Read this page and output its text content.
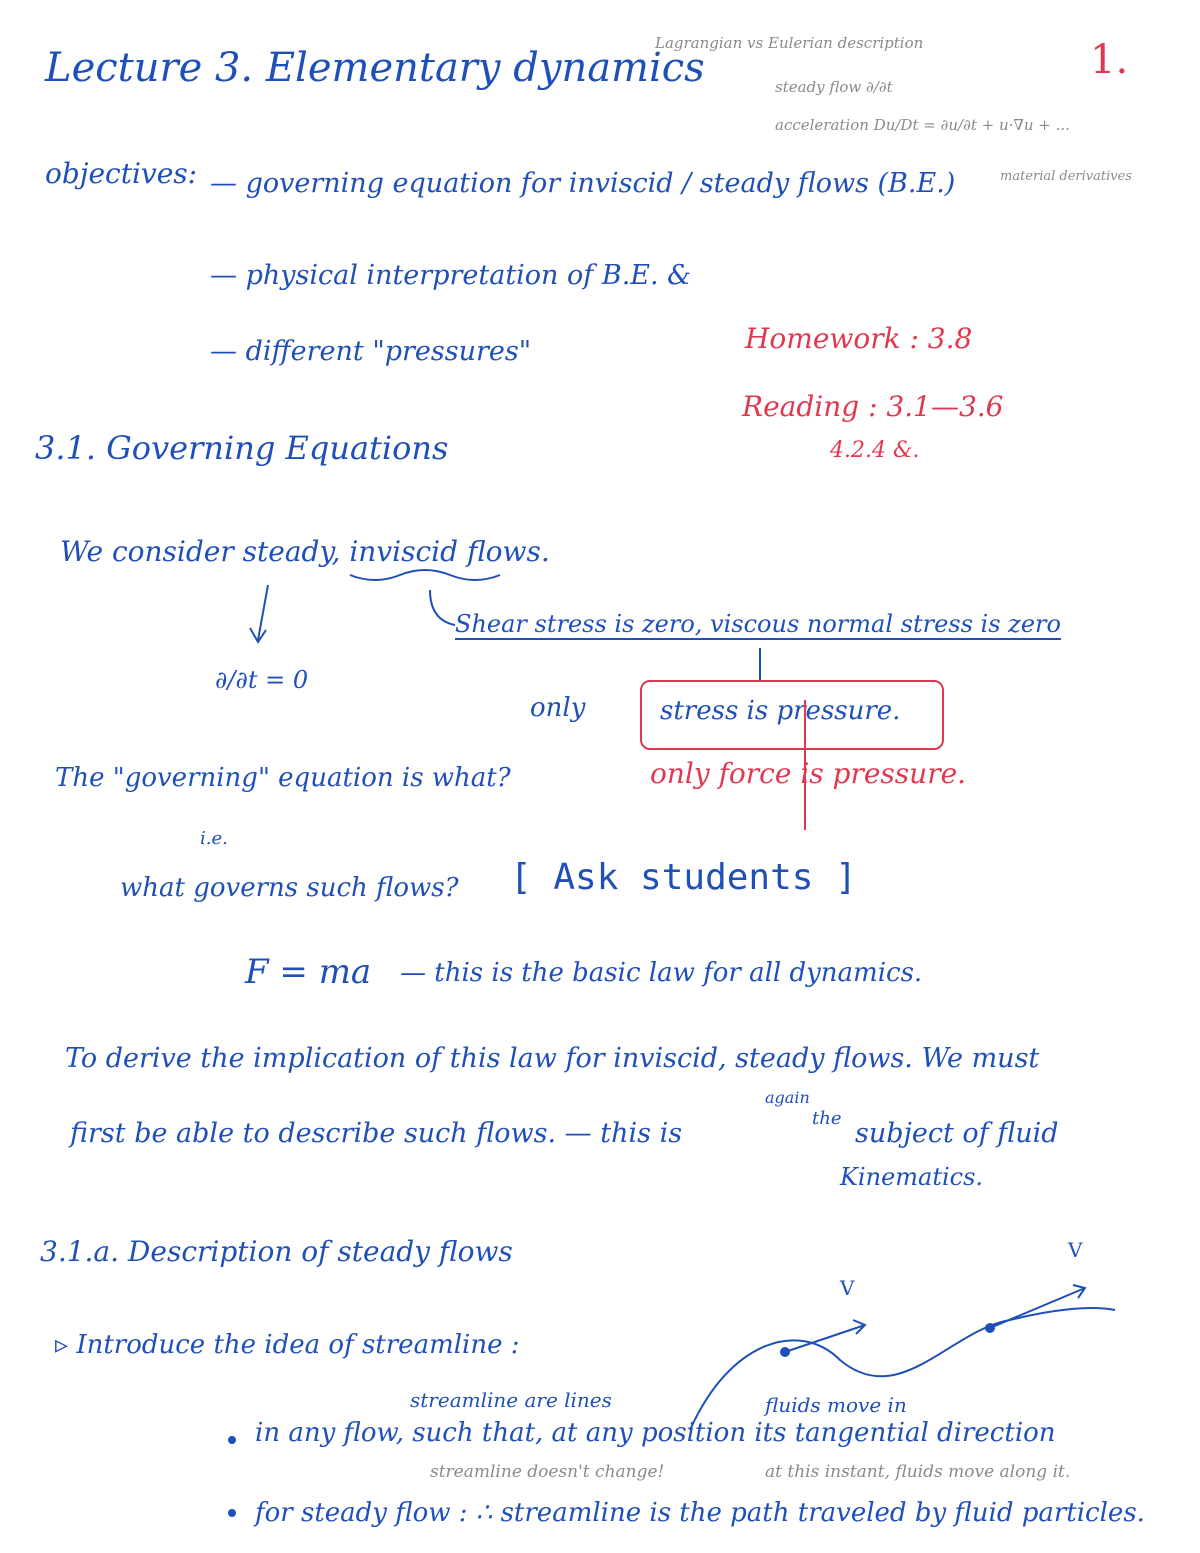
Lecture 3. Elementary dynamics	1.
Lagrangian vs Eulerian description
steady flow ∂/∂t
acceleration Du/Dt = ∂u/∂t + u·∇u + ...
material derivatives
objectives: — governing equation for inviscid / steady flows (B.E.)
— physical interpretation of B.E. &
— different "pressures"	Homework : 3.8
Reading : 3.1—3.6
4.2.4 &.
3.1. Governing Equations
We consider steady, inviscid flows.
Shear stress is zero, viscous normal stress is zero
∂/∂t = 0
only	stress is pressure.
only force is pressure.
The "governing" equation is what?
i.e.
what governs such flows? [ Ask students ]
F = ma — this is the basic law for all dynamics.
To derive the implication of this law for inviscid, steady flows. We must
first be able to describe such flows. — this is
again
the subject of fluid
Kinematics.
3.1.a. Description of steady flows
▹ Introduce the idea of streamline :
V
V
streamline are lines	fluids move in
in any flow, such that, at any position its tangential direction
streamline doesn't change!	at this instant, fluids move along it.
for steady flow : ∴ streamline is the path traveled by fluid particles.
